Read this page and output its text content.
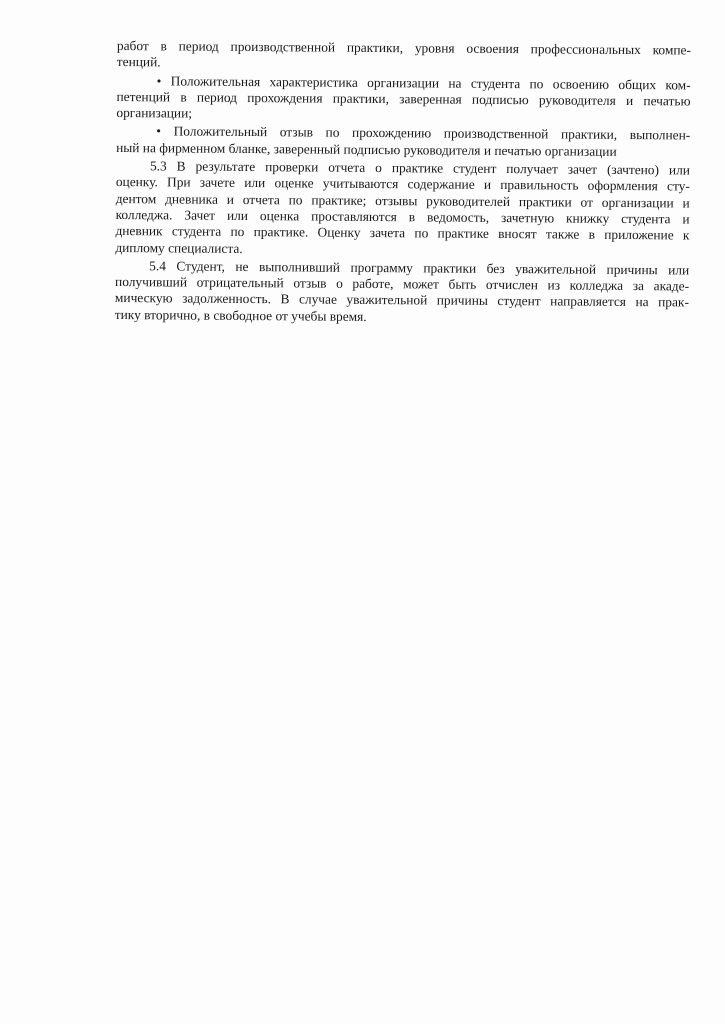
работ в период производственной практики, уровня освоения профессиональных компе-
тенций.
• Положительная характеристика организации на студента по освоению общих ком-
петенций в период прохождения практики, заверенная подписью руководителя и печатью
организации;
• Положительный отзыв по прохождению производственной практики, выполнен-
ный на фирменном бланке, заверенный подписью руководителя и печатью организации
5.3 В результате проверки отчета о практике студент получает зачет (зачтено) или
оценку. При зачете или оценке учитываются содержание и правильность оформления сту-
дентом дневника и отчета по практике; отзывы руководителей практики от организации и
колледжа. Зачет или оценка проставляются в ведомость, зачетную книжку студента и
дневник студента по практике. Оценку зачета по практике вносят также в приложение к
диплому специалиста.
5.4 Студент, не выполнивший программу практики без уважительной причины или
получивший отрицательный отзыв о работе, может быть отчислен из колледжа за акаде-
мическую задолженность. В случае уважительной причины студент направляется на прак-
тику вторично, в свободное от учебы время.
